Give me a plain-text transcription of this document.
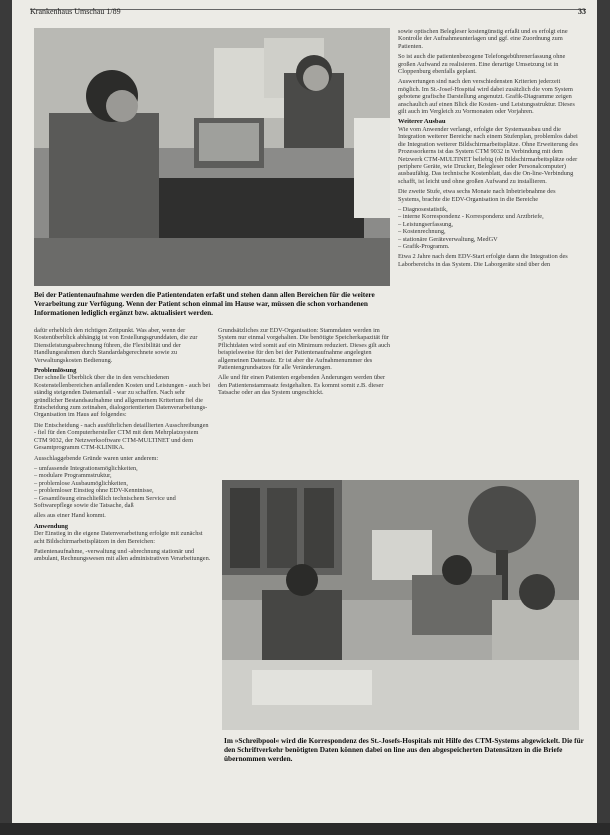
Krankenhaus Umschau 1/89	33
Bei der Patientenaufnahme werden die Patientendaten erfaßt und stehen dann allen Bereichen für die weitere Verarbeitung zur Verfügung. Wenn der Patient schon einmal im Hause war, müssen die schon vorhandenen Informationen lediglich ergänzt bzw. aktualisiert werden.

sowie optischen Belegleser kostengünstig erfaßt und es erfolgt eine Kontrolle der Aufnahmeunterlagen und ggf. eine Zuordnung zum Patienten.

So ist auch die patientenbezogene Telefongebührenerfassung ohne großen Aufwand zu realisieren. Eine derartige Umsetzung ist in Cloppenburg ebenfalls geplant.

Auswertungen sind nach den verschiedensten Kriterien jederzeit möglich. Im St.-Josef-Hospital wird dabei zusätzlich die vom System gebotene grafische Darstellung angenutzt. Grafik-Diagramme zeigen anschaulich auf einen Blick die Kosten- und Leistungsstruktur. Dieses gilt auch im Vergleich zu Vormonaten oder Vorjahren.

Weiterer Ausbau

Wie vom Anwender verlangt, erfolgte der Systemausbau und die Integration weiterer Bereiche nach einem Stufenplan, problemlos dabei die Integration weiterer Bildschirmarbeitsplätze. Ohne Erweiterung des Prozessorkerns ist das System CTM 9032 in Verbindung mit dem Netzwerk CTM-MULTINET beliebig (ob Bildschirmarbeitsplätze oder periphere Geräte, wie Drucker, Belegleser oder Personalcomputer) ausbaufähig. Das technische Kostenblatt, das die On-line-Verbindung schafft, ist leicht und ohne großen Aufwand zu installieren.

Die zweite Stufe, etwa sechs Monate nach Inbetriebnahme des Systems, brachte die EDV-Organisation in die Bereiche

– Diagnosestatistik,
– interne Korrespondenz - Korrespondenz und Arztbriefe,
– Leistungserfassung,
– Kostenrechnung,
– stationäre Geräteverwaltung, MedGV
– Grafik-Programm.

Etwa 2 Jahre nach dem EDV-Start erfolgte dann die Integration des Laborbereichs in das System. Die Laborgeräte sind über den

dafür erheblich den richtigen Zeitpunkt. Was aber, wenn der Kostenüberblick abhängig ist von Erstellungsgrunddaten, die zur Dienstleistungsabrechnung führen, die Flexibilität und der Handlungsrahmen durch Standardabgerechnete sowie zu Verwaltungskosten Bedienung.

Problemlösung

Der schnelle Überblick über die in den verschiedenen Kostenstellenbereichen anfallenden Kosten und Leistungen - auch bei ständig steigenden Datenanfall - war zu schaffen. Nach sehr gründlicher Bestandsaufnahme und allgemeinem Kriterium fiel die Entscheidung zum zeitnahen, dialogorientierten Datenverarbeitungs-Organisation im Haus auf folgendes:

Die Entscheidung - nach ausführlichen detaillierten Ausschreibungen - fiel für den Computerhersteller CTM mit dem Mehrplatzsystem CTM 9032, der Netzwerksoftware CTM-MULTINET und dem Gesamtprogramm CTM-KLINIKA.

Ausschlaggebende Gründe waren unter anderem:

– umfassende Integrationsmöglichkeiten,
– modulare Programmstruktur,
– problemlose Ausbaumöglichkeiten,
– problemloser Einstieg ohne EDV-Kenntnisse,
– Gesamtlösung einschließlich technischem Service und Softwarepflege sowie die Tatsache, daß

alles aus einer Hand kommt.

Anwendung

Der Einstieg in die eigene Datenverarbeitung erfolgte mit zunächst acht Bildschirmarbeitsplätzen in den Bereichen:

Patientenaufnahme, -verwaltung und -abrechnung stationär und ambulant, Rechnungswesen mit allen administrativen Verarbeitungen.

Grundsätzliches zur EDV-Organisation: Stammdaten werden im System nur einmal vorgehalten. Die benötigte Speicherkapazität für Pflichtdaten wird somit auf ein Minimum reduziert. Dieses gilt auch beispielsweise für den bei der Patientenaufnahme angelegten allgemeinen Datensatz. Er ist aber die Aufnahmenummer des Patientengrundsatzes für alle Veränderungen.

Alle und für einen Patienten ergebenden Änderungen werden über den Patientenstammsatz festgehalten. Es kommt somit z.B. dieser Tatsache oder an das System ungeschickt.

Im »Schreibpool« wird die Korrespondenz des St.-Josefs-Hospitals mit Hilfe des CTM-Systems abgewickelt. Die für den Schriftverkehr benötigten Daten können dabei on line aus den abgespeicherten Datensätzen in die Briefe übernommen werden.
